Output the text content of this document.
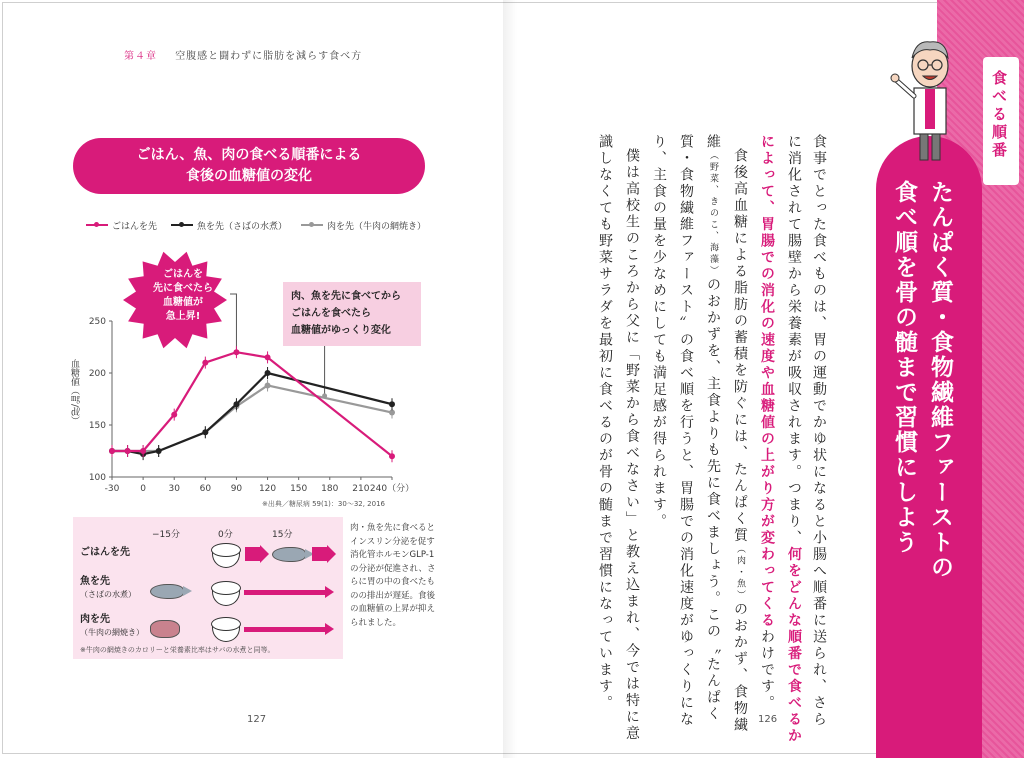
第４章 空腹感と闘わずに脂肪を減らす食べ方
ごはん、魚、肉の食べる順番による
食後の血糖値の変化
ごはんを先	魚を先（さばの水煮）	肉を先（牛肉の網焼き）
100
150
200
250
-30 0	30 60 90 120 150 180 210 240（分）
血糖値（㎎/㎗）
ごはんを
先に食べたら
血糖値が
急上昇!
肉、魚を先に食べてから
ごはんを食べたら
血糖値がゆっくり変化
※出典／糖尿病 59(1)：30～32, 2016
−15分	0分	15分
ごはんを先
魚を先
（さばの水煮）
肉を先
（牛肉の網焼き）
※牛肉の網焼きのカロリーと栄養素比率はサバの水煮と同等。
肉・魚を先に食べるとインスリン分泌を促す消化管ホルモンGLP-1の分泌が促進され、さらに胃の中の食べたものの排出が遅延。食後の血糖値の上昇が抑えられました。
127	食事でとった食べものは、胃の運動でかゆ状になると小腸へ順番に送られ、さら
に消化されて腸壁から栄養素が吸収されます。つまり、何をどんな順番で食べるか
によって、胃腸での消化の速度や血糖値の上がり方が変わってくるわけです。
食後高血糖による脂肪の蓄積を防ぐには、たんぱく質（肉・魚）のおかず、食物繊
維（野菜、きのこ、海藻）のおかずを、主食よりも先に食べましょう。この〝たんぱく
質・食物繊維ファースト〟の食べ順を行うと、胃腸での消化速度がゆっくりにな
り、主食の量を少なめにしても満足感が得られます。
僕は高校生のころから父に「野菜から食べなさい」と教え込まれ、今では特に意
識しなくても野菜サラダを最初に食べるのが骨の髄まで習慣になっています。
126
食べる順番
たんぱく質・食物繊維ファーストの
食べ順を骨の髄まで習慣にしよう
